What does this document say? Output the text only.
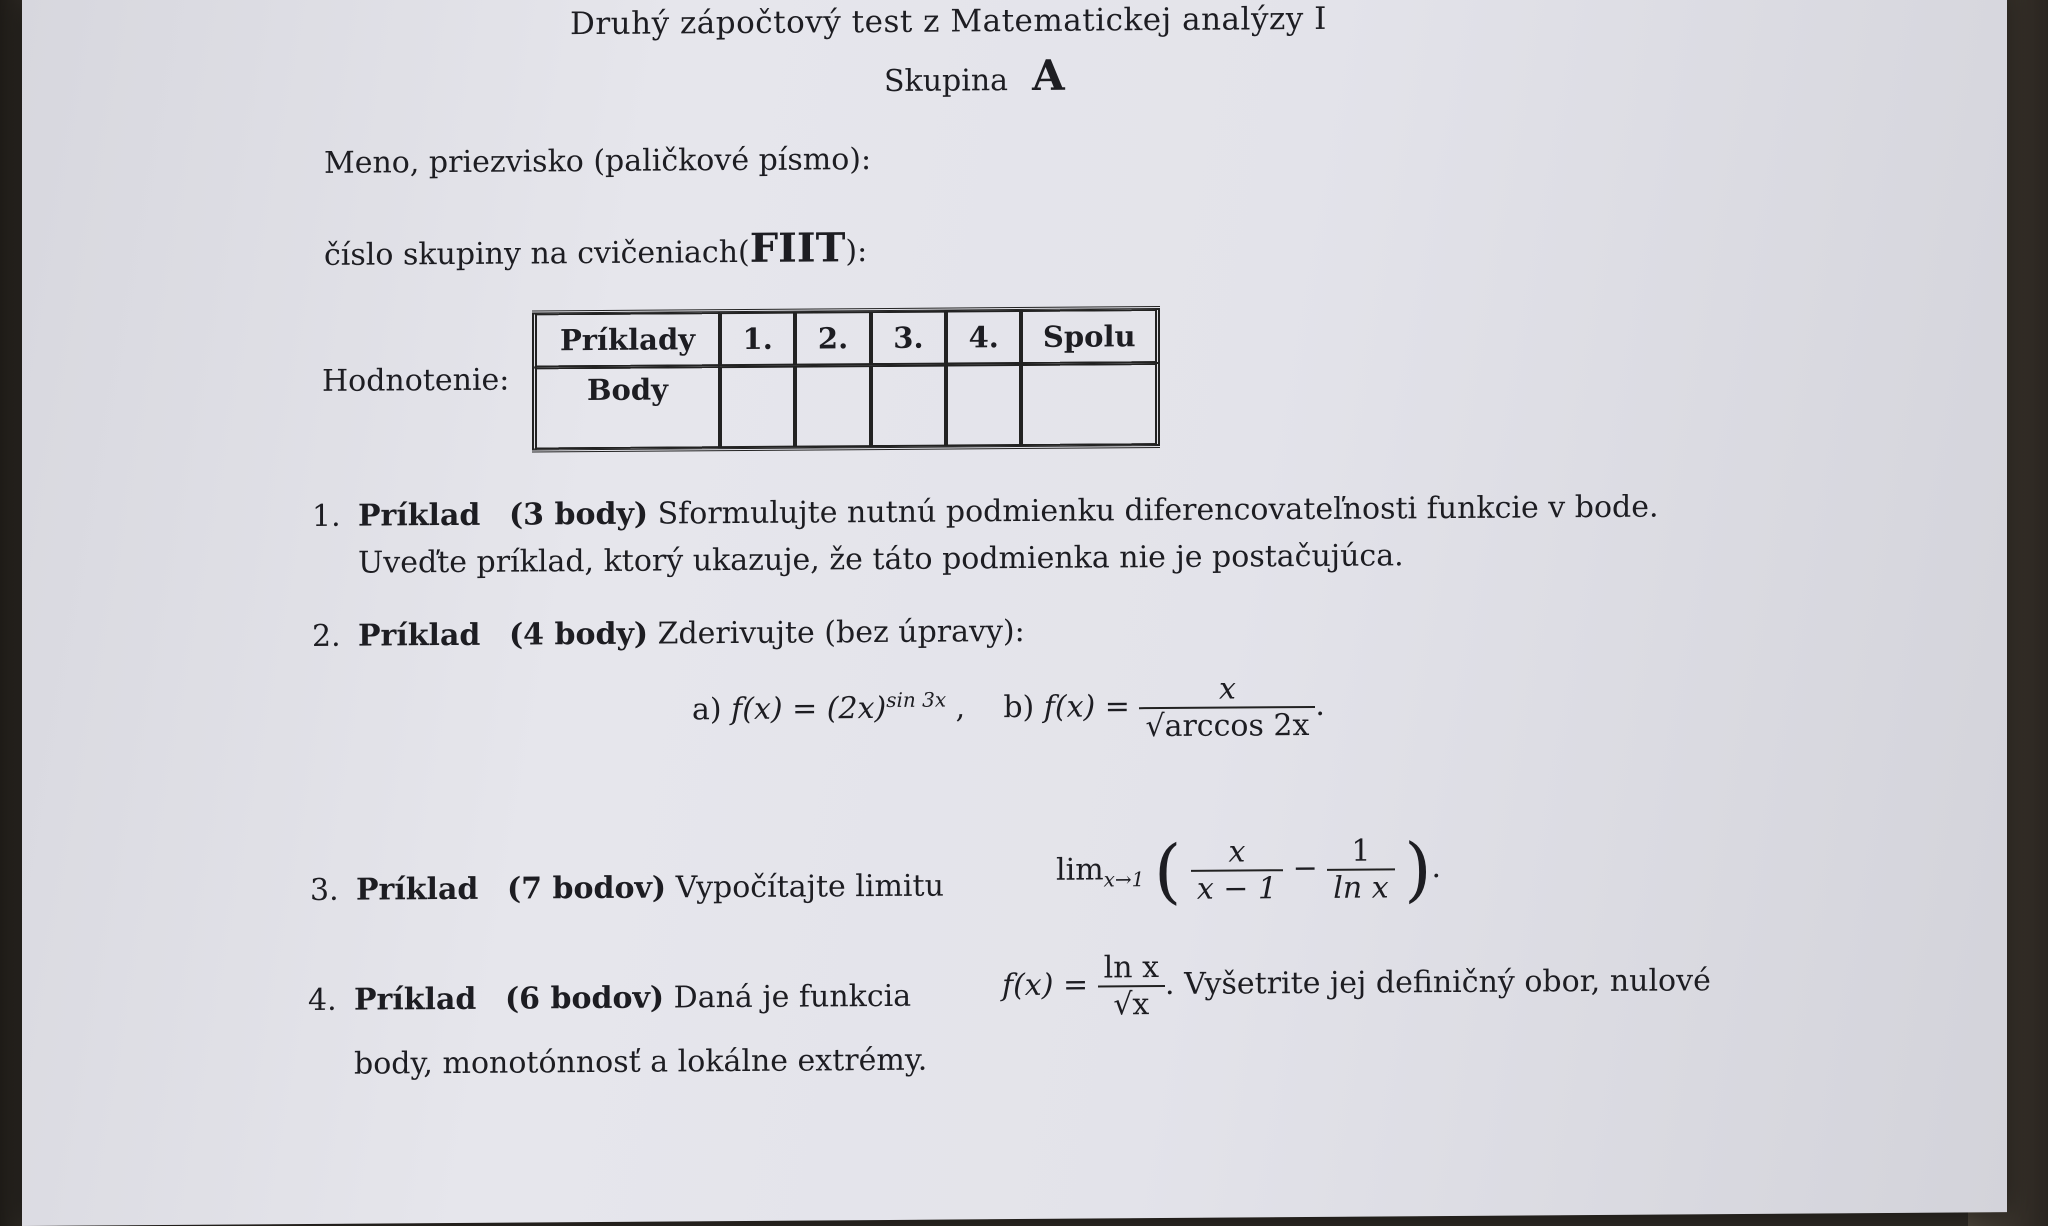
Druhý zápočtový test z Matematickej analýzy I
Skupina A
Meno, priezvisko (paličkové písmo):
číslo skupiny na cvičeniach(FIIT):
Hodnotenie:
Príklady	1.	2.	3.	4.	Spolu
Body					
1. Príklad (3 body) Sformulujte nutnú podmienku diferencovateľnosti funkcie v bode.
Uveďte príklad, ktorý ukazuje, že táto podmienka nie je postačujúca.
2. Príklad (4 body) Zderivujte (bez úpravy):
a) $f(x) = (2x)^{sin 3x}$ ,    b) $f(x) = \frac{x}{√\arccos 2x}$ .
3. Príklad (7 bodov) Vypočítajte limitu	$\lim_{x\to 1}$ ( $\frac{x}{x - 1} - \frac{1}{\text{ln x}}$ ).
4. Príklad (6 bodov) Daná je funkcia	$f(x) = \frac{\text{ln x}}{√x}$ . Vyšetrite jej definičný obor, nulové
body, monotónnosť a lokálne extrémy.
